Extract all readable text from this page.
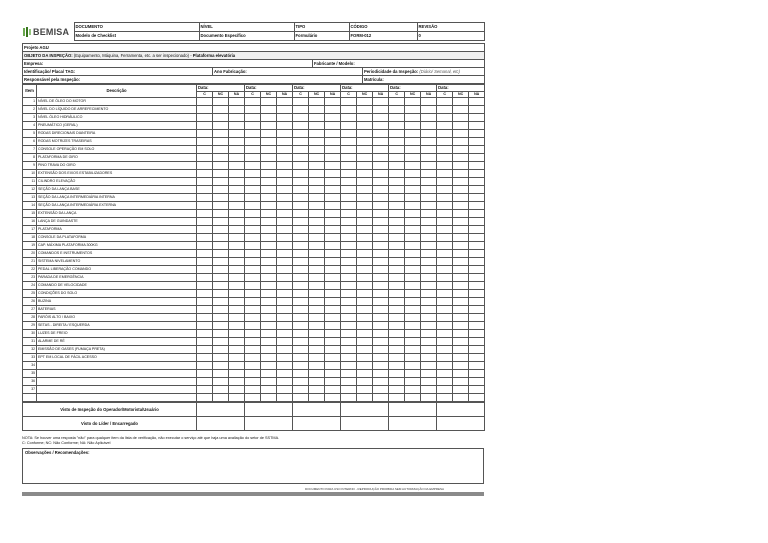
BEMISA	DOCUMENTO	NÍVEL	TIPO	CÓDIGO	REVISÃO
	Modelo de Checklist	Documento Específico	Formulário	FORM-012	0
Projeto AGU			
OBJETO DA INSPEÇÃO: (Equipamento, Máquina, Ferramenta, etc. a ser inspecionado) - Plataforma elevatória			
Empresa:		Fabricante / Modelo:	
Identificação/ Placa/ TAG:	Ano Fabricação:		Periodicidade da Inspeção: (Diário/ Semanal, etc)
Responsável pela Inspeção:			Matrícula:
Item	Descrição	Data:			Data:			Data:			Data:			Data:			Data:		
		C	NC	NA	C	NC	NA	C	NC	NA	C	NC	NA	C	NC	NA	C	NC	NA
1	NÍVEL DE ÓLEO DO MOTOR																		
2	NÍVEL DO LÍQUIDO DE ARREFECIMENTO																		
3	NÍVEL ÓLEO HIDRÁULICO																		
4	PNEUMÁTICO (GERAL)																		
5	RODAS DIRECIONAIS DIANTEIRA																		
6	RODAS MOTRIZES TRASEIRAS																		
7	CONSOLE OPERAÇÃO EM SOLO																		
8	PLATAFORMA DE GIRO																		
9	PINO TRAVA DO GIRO																		
10	EXTENSÃO DOS EIXOS ESTABILIZADORES																		
11	CILINDRO ELEVAÇÃO																		
12	SEÇÃO DA LANÇA BASE																		
13	SEÇÃO DA LANÇA INTERMEDIÁRIA INTERNA																		
14	SEÇÃO DA LANÇA INTERMEDIÁRIA EXTERNA																		
15	EXTENSÃO DA LANÇA																		
16	LANÇA DE GUINDASTE																		
17	PLATAFORMA																		
18	CONSOLE DA PLATAFORMA																		
19	CAP. MÁXIMA PLATAFORMA 300KG																		
20	COMANDOS E INSTRUMENTOS																		
21	SISTEMA NIVELAMENTO																		
22	PEDAL LIBERAÇÃO COMANDO																		
23	PARADA DE EMERGÊNCIA																		
24	COMANDO DE VELOCIDADE																		
25	CONDIÇÕES DO SOLO																		
26	BUZINA																		
27	BATERIAS																		
28	FARÓIS ALTO / BAIXO																		
29	SETAS - DIREITA / ESQUERDA																		
30	LUZES DE FREIO																		
31	ALARME DE RÉ																		
32	EMISSÃO DE GASES (FUMAÇA PRETA)																		
33	EPT EM LOCAL DE FÁCIL ACESSO																		
34																			
35																			
36																			
37																			

Visto de Inspeção do Operador/Motorista/Usuário						
Visto do Líder / Encarregado						
NOTA: Se houver uma resposta "não" para qualquer item da lista de verificação, não executar o serviço até que haja uma avaliação do setor de SSTMA.
C: Conforme; NC: Não Conforme; NA: Não Aplicável
Observações / Recomendações:
DOCUMENTO PARA USO INTERNO - REPRODUÇÃO PROIBIDA SEM AUTORIZAÇÃO DA EMPRESA
